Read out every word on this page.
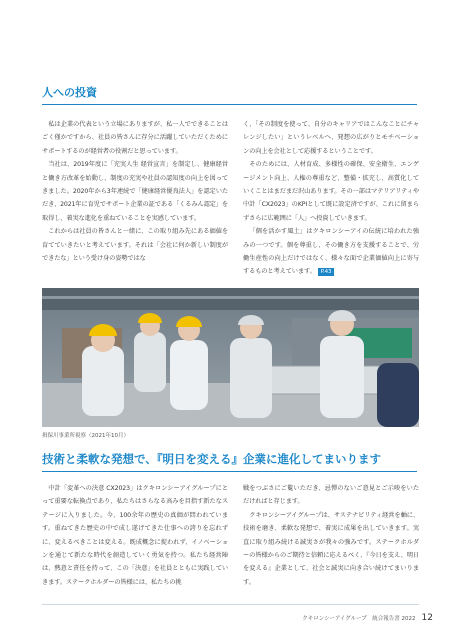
人への投資

私は企業の代表という立場にありますが、私一人でできることはごく僅かですから、社員の皆さんに存分に活躍していただくためにサポートするのが経営者の役割だと思っています。

当社は、2019年度に「充実人生 経営宣言」を制定し、健康経営と働き方改革を始動し、制度の充実や社員の認知度の向上を図ってきました。2020年から3年連続で「健康経営優良法人」を認定いただき、2021年に育児でサポート企業の証である「くるみん認定」を取得し、着実な進化を重ねていることを実感しています。

これからは社員の皆さんと一緒に、この取り組み先にある価値を育てていきたいと考えています。それは「会社に何か新しい制度ができたな」という受け身の姿勢ではな

く、「その制度を使って、自分のキャリアではこんなことにチャレンジしたい」というレベルへ、発想の広がりとモチベーションの向上を会社として応援するということです。

そのためには、人材育成、多様性の確保、安全衛生、エンゲージメント向上、人権の尊重など、整備・拡充し、高質化していくことはまだまだ沢山あります。その一部はマテリアリティや中計「CX2023」のKPIとして既に設定済ですが、これに留まらずさらに広範囲に「人」へ投資していきます。

「個を活かす風土」はクキロンシーアイの伝統に培われた強みの一つです。個を尊重し、その働き方を支援することで、労働生産性の向上だけではなく、様々な面で企業価値向上に寄与するものと考えています。 P.43

揖保川事業所視察（2021年10月）
技術と柔軟な発想で、『明日を変える』企業に進化してまいります

中計「変革への決意 CX2023」はクキロンシーアイグループにとって重要な転換点であり、私たちはさらなる高みを目指す新たなステージに入りました。今、100余年の歴史の真価が問われています。重ねてきた歴史の中で成し遂げてきた仕事への誇りを忘れずに、変えるべきことは変える。既成概念に捉われず、イノベーションを通じて新たな時代を創造していく勇気を持つ。私たち経営陣は、熱意と責任を持って、この「決意」を社員とともに実践していきます。ステークホルダーの皆様には、私たちの挑

戦をつぶさにご覧いただき、忌憚のないご意見とご示唆をいただければと存じます。

クキロンシーアイグループは、サステナビリティ経営を軸に、技術を磨き、柔軟な発想で、着実に成果を出していきます。実直に取り組み続ける誠実さが我々の強みです。ステークホルダーの皆様からのご期待と信頼に応えるべく、『今日を支え、明日を変える』企業として、社会と誠実に向き合い続けてまいります。

クキロンシーアイグループ　統合報告書 2022 12
